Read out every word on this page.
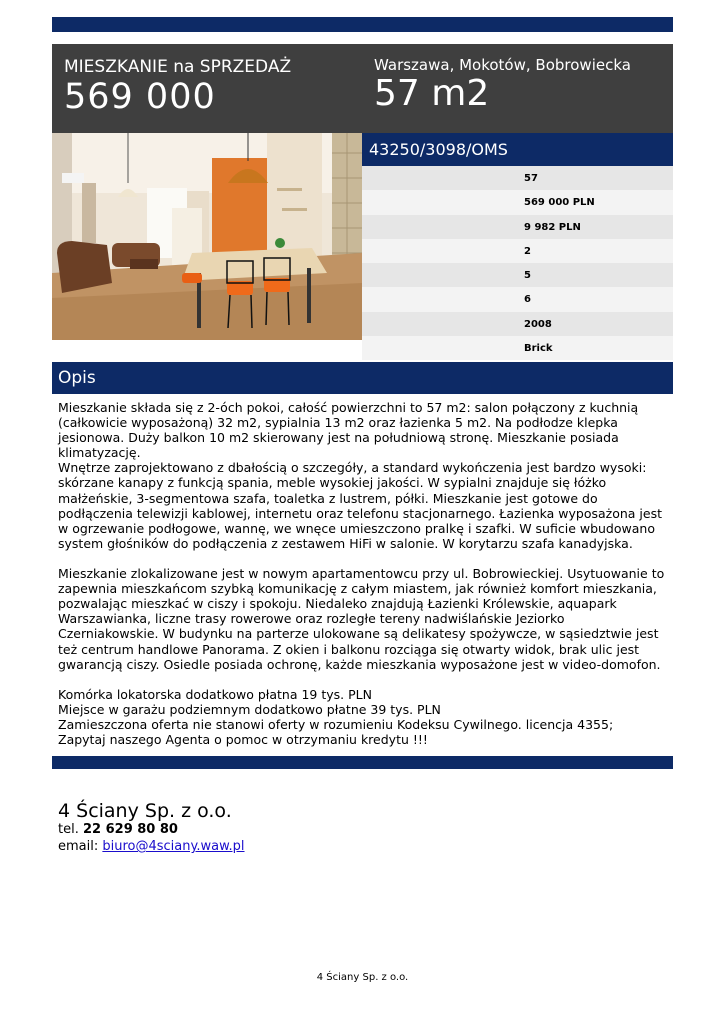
MIESZKANIE na SPRZEDAŻ
569 000
Warszawa, Mokotów, Bobrowiecka
57 m2
43250/3098/OMS
57
569 000 PLN
9 982 PLN
2
5
6
2008
Brick
Opis

Mieszkanie składa się z 2-óch pokoi, całość powierzchni to 57 m2: salon połączony z kuchnią (całkowicie wyposażoną) 32 m2, sypialnia 13 m2 oraz łazienka 5 m2. Na podłodze klepka jesionowa. Duży balkon 10 m2 skierowany jest na południową stronę. Mieszkanie posiada klimatyzację.

Wnętrze zaprojektowano z dbałością o szczegóły, a standard wykończenia jest bardzo wysoki: skórzane kanapy z funkcją spania, meble wysokiej jakości. W sypialni znajduje się łóżko małżeńskie, 3-segmentowa szafa, toaletka z lustrem, półki. Mieszkanie jest gotowe do podłączenia telewizji kablowej, internetu oraz telefonu stacjonarnego. Łazienka wyposażona jest w ogrzewanie podłogowe, wannę, we wnęce umieszczono pralkę i szafki. W suficie wbudowano system głośników do podłączenia z zestawem HiFi w salonie. W korytarzu szafa kanadyjska.

Mieszkanie zlokalizowane jest w nowym apartamentowcu przy ul. Bobrowieckiej. Usytuowanie to zapewnia mieszkańcom szybką komunikację z całym miastem, jak również komfort mieszkania, pozwalając mieszkać w ciszy i spokoju. Niedaleko znajdują Łazienki Królewskie, aquapark Warszawianka, liczne trasy rowerowe oraz rozległe tereny nadwiślańskie Jeziorko Czerniakowskie. W budynku na parterze ulokowane są delikatesy spożywcze, w sąsiedztwie jest też centrum handlowe Panorama. Z okien i balkonu rozciąga się otwarty widok, brak ulic jest gwarancją ciszy. Osiedle posiada ochronę, każde mieszkania wyposażone jest w video-domofon.

Komórka lokatorska dodatkowo płatna 19 tys. PLN

Miejsce w garażu podziemnym dodatkowo płatne 39 tys. PLN

Zamieszczona oferta nie stanowi oferty w rozumieniu Kodeksu Cywilnego. licencja 4355;

Zapytaj naszego Agenta o pomoc w otrzymaniu kredytu !!!

4 Ściany Sp. z o.o.
tel. 22 629 80 80
email: biuro@4sciany.waw.pl
4 Ściany Sp. z o.o.
